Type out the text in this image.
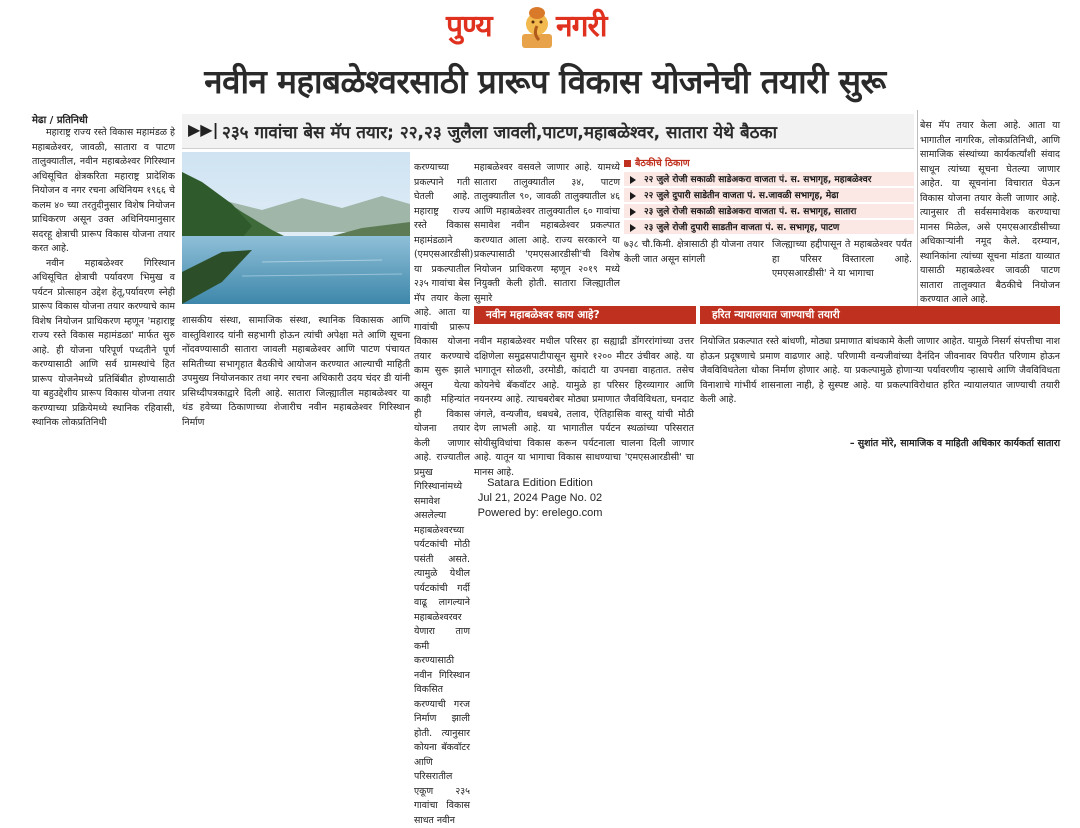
पुण्य नगरी
नवीन महाबळेश्वरसाठी प्रारूप विकास योजनेची तयारी सुरू
मेढा / प्रतिनिधी

महाराष्ट्र राज्य रस्ते विकास महामंडळ हे महाबळेश्वर, जावळी, सातारा व पाटण तालुक्यातील, नवीन महाबळेश्वर गिरिस्थान अधिसूचित क्षेत्रकरिता महाराष्ट्र प्रादेशिक नियोजन व नगर रचना अधिनियम १९६६ चे कलम ४० च्या तरतुदीनुसार विशेष नियोजन प्राधिकरण असून उक्त अधिनियमानुसार सदरहू क्षेत्राची प्रारूप विकास योजना तयार करत आहे.

नवीन महाबळेश्वर गिरिस्थान अधिसूचित क्षेत्राची पर्यावरण भिमुख व पर्यटन प्रोत्साहन उद्देश हेतू,पर्यावरण स्नेही प्रारूप विकास योजना तयार करण्याचे काम विशेष नियोजन प्राधिकरण म्हणून 'महाराष्ट्र राज्य रस्ते विकास महामंडळा' मार्फत सुरु आहे. ही योजना परिपूर्ण पध्दतीने पूर्ण करण्यासाठी आणि सर्व ग्रामस्थांचे हित प्रारूप योजनेमध्ये प्रतिबिंबीत होण्यासाठी या बहुउद्देशीय प्रारूप विकास योजना तयार करण्याच्या प्रक्रियेमध्ये स्थानिक रहिवासी, स्थानिक लोकप्रतिनिधी

▶▶| २३५ गावांचा बेस मॅप तयार; २२,२३ जुलैला जावली,पाटण,महाबळेश्वर, सातारा येथे बैठका

शासकीय संस्था, सामाजिक संस्था, स्थानिक विकासक आणि वास्तुविशारद यांनी सहभागी होऊन त्यांची अपेक्षा मते आणि सूचना नोंदवण्यासाठी सातारा जावली महाबळेश्वर आणि पाटण पंचायत समितीच्या सभागृहात बैठकीचे आयोजन करण्यात आल्याची माहिती उपमुख्य नियोजनकार तथा नगर रचना अधिकारी उदय चंदर डी यांनी प्रसिध्दीपत्रकाद्वारे दिली आहे. सातारा जिल्ह्यातील महाबळेश्वर या थंड हवेच्या ठिकाणाच्या शेजारीच नवीन महाबळेश्वर गिरिस्थान निर्माण

करण्याच्या प्रकल्पाने गती घेतली आहे. महाराष्ट्र राज्य रस्ते विकास महामंडळाने (एमएसआरडीसी) या प्रकल्पातील २३५ गावांचा बेस मॅप तयार केला आहे. आता या गावांची प्रारूप विकास योजना तयार करण्याचे काम सुरू झाले असून येत्या काही महिन्यांत ही विकास योजना तयार केली जाणार आहे. राज्यातील प्रमुख गिरिस्थानांमध्ये समावेश असलेल्या महाबळेश्वरच्या पर्यटकांची मोठी पसंती असते. त्यामुळे येथील पर्यटकांची गर्दी वाढू लागल्याने महाबळेश्वरवर येणारा ताण कमी करण्यासाठी नवीन गिरिस्थान विकसित करण्याची गरज निर्माण झाली होती. त्यानुसार कोयना बॅकवॉटर आणि परिसरातील एकूण २३५ गावांचा विकास साधत नवीन

महाबळेश्वर वसवले जाणार आहे. यामध्ये सातारा तालुक्यातील ३४, पाटण तालुक्यातील ९०, जावळी तालुक्यातील ४६ आणि महाबळेश्वर तालुक्यातील ६० गावांचा समावेश नवीन महाबळेश्वर प्रकल्पात करण्यात आला आहे. राज्य सरकारने या प्रकल्पासाठी 'एमएसआरडीसी'ची विशेष नियोजन प्राधिकरण म्हणून २०१९ मध्ये नियुक्ती केली होती. सातारा जिल्ह्यातील सुमारे

बैठकीचे ठिकाण
२२ जुले रोजी सकाळी साडेअकरा वाजता पं. स. सभागृह, महाबळेश्वर
२२ जुले दुपारी साडेतीन वाजता पं. स.जावळी सभागृह, मेढा
२३ जुले रोजी सकाळी साडेअकरा वाजता पं. स. सभागृह, सातारा
२३ जुले रोजी दुपारी साडतीन वाजता पं. स. सभागृह, पाटण
७३८ चौ.किमी. क्षेत्रासाठी ही योजना तयार केली जात असून सांगली
जिल्ह्याच्या हद्दीपासून ते महाबळेश्वर पर्यंत हा परिसर विस्तारला आहे. एमएसआरडीसी' ने या भागाचा

बेस मॅप तयार केला आहे. आता या भागातील नागरिक, लोकप्रतिनिधी, आणि सामाजिक संस्थांच्या कार्यकर्त्यांशी संवाद साधून त्यांच्या सूचना घेतल्या जाणार आहेत. या सूचनांना विचारात घेऊन विकास योजना तयार केली जाणार आहे. त्यानुसार ती सर्वसमावेशक करण्याचा मानस मिळेल, असे एमएसआरडीसीच्या अधिकाऱ्यांनी नमूद केले. दरम्यान, स्थानिकांना त्यांच्या सूचना मांडता याव्यात यासाठी महाबळेश्वर जावळी पाटण सातारा तालुक्यात बैठकीचे नियोजन करण्यात आले आहे.

नवीन महाबळेश्वर काय आहे?

नवीन महाबळेश्वर मधील परिसर हा सह्याद्री डोंगररांगांच्या उत्तर दक्षिणेला समुद्रसपाटीपासून सुमारे १२०० मीटर उंचीवर आहे. या भागातून सोळशी, उरमोडी, कांदाटी या उपनद्या वाहतात. तसेच कोयनेचे बॅकवॉटर आहे. यामुळे हा परिसर हिरव्यागार आणि नयनरम्य आहे. त्याचबरोबर मोठ्या प्रमाणात जैवविविधता, घनदाट जंगले, वन्यजीव, धबधबे, तलाव, ऐतिहासिक वास्तू यांची मोठी देण लाभली आहे. या भागातील पर्यटन स्थळांच्या परिसरात सोयीसुविधांचा विकास करून पर्यटनाला चालना दिली जाणार आहे. यातून या भागाचा विकास साधण्याचा 'एमएसआरडीसी' चा मानस आहे.

हरित न्यायालयात जाण्याची तयारी

नियोजित प्रकल्पात रस्ते बांधणी, मोठ्या प्रमाणात बांधकामे केली जाणार आहेत. यामुळे निसर्ग संपत्तीचा नाश होऊन प्रदूषणाचे प्रमाण वाढणार आहे. परिणामी वन्यजीवांच्या दैनंदिन जीवनावर विपरीत परिणाम होऊन जैवविविधतेला धोका निर्माण होणार आहे. या प्रकल्पामुळे होणाऱ्या पर्यावरणीय ऱ्हासाचे आणि जैवविविधता विनाशाचे गांभीर्य शासनाला नाही, हे सुस्पष्ट आहे. या प्रकल्पाविरोधात हरित न्यायालयात जाण्याची तयारी केली आहे.

– सुशांत मोरे, सामाजिक व माहिती अधिकार कार्यकर्ता सातारा
Satara Edition Edition
Jul 21, 2024 Page No. 02
Powered by: erelego.com
